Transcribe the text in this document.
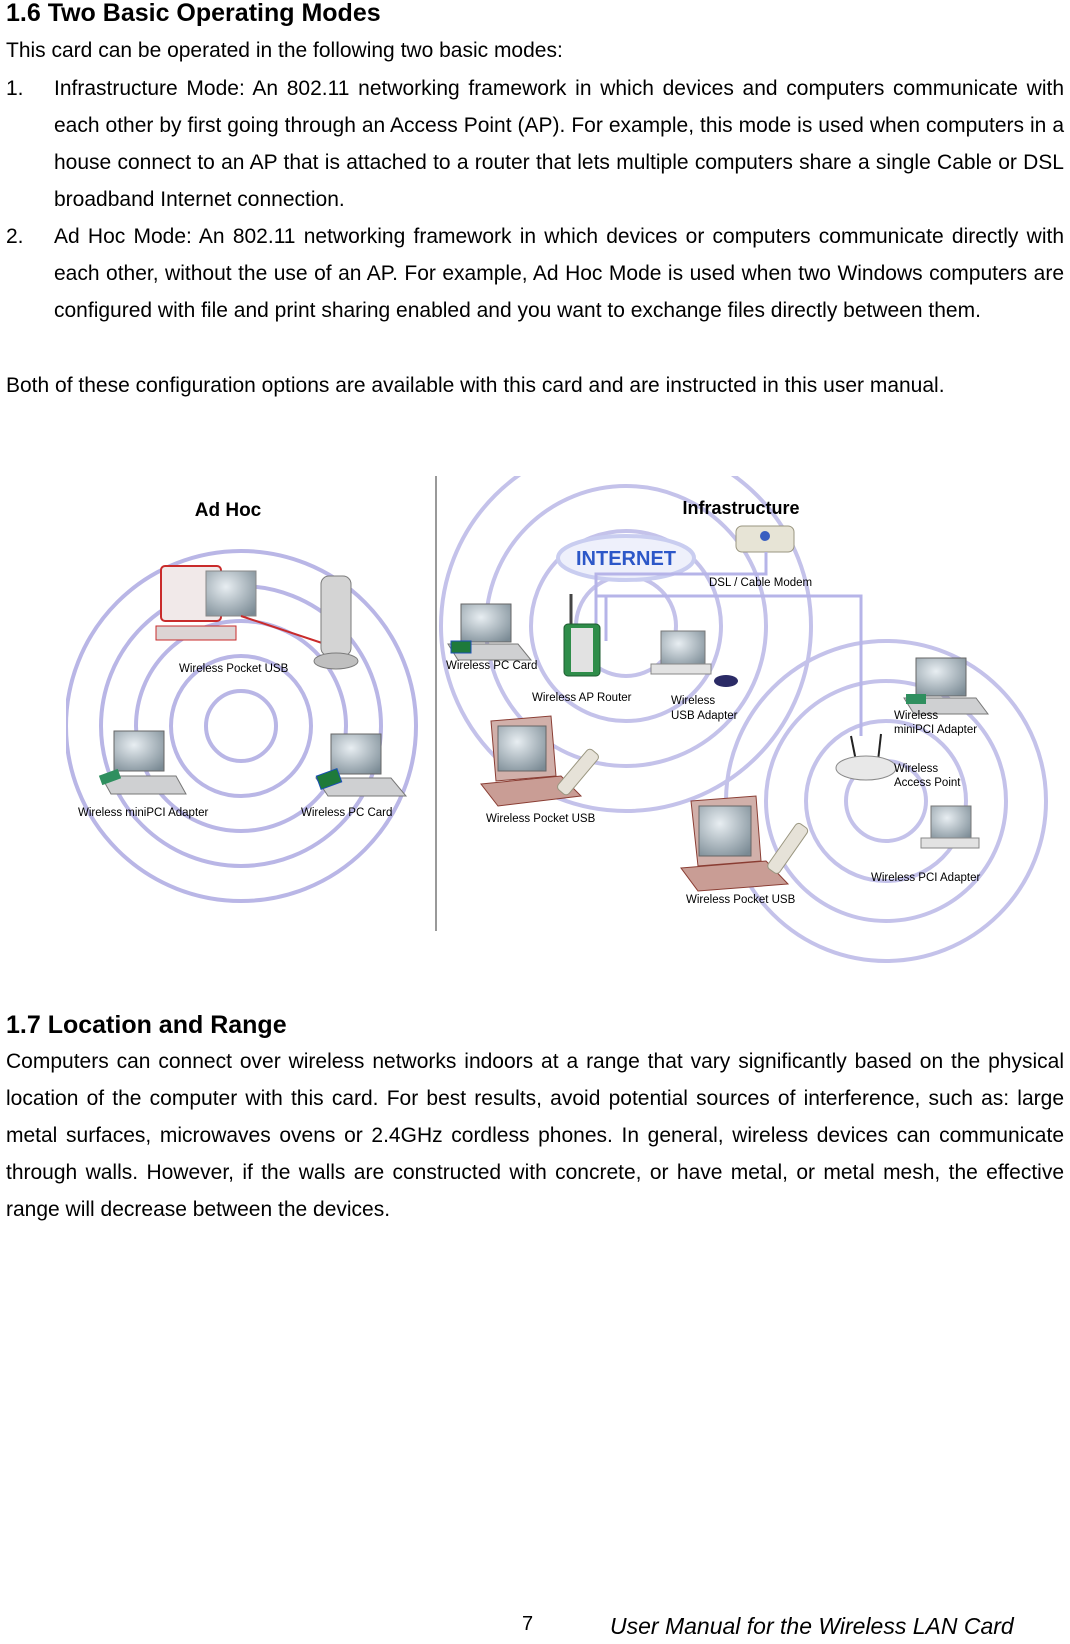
1.6 Two Basic Operating Modes

This card can be operated in the following two basic modes:

1.	Infrastructure Mode: An 802.11 networking framework in which devices and computers communicate with each other by first going through an Access Point (AP). For example, this mode is used when computers in a house connect to an AP that is attached to a router that lets multiple computers share a single Cable or DSL broadband Internet connection.
2.	Ad Hoc Mode: An 802.11 networking framework in which devices or computers communicate directly with each other, without the use of an AP. For example, Ad Hoc Mode is used when two Windows computers are configured with file and print sharing enabled and you want to exchange files directly between them.

Both of these configuration options are available with this card and are instructed in this user manual.

Ad Hoc	Infrastructure
INTERNET
DSL / Cable Modem
Wireless Pocket USB
Wireless miniPCI Adapter	Wireless PC Card
Wireless PC Card
Wireless AP Router	Wireless
USB Adapter	Wireless
miniPCI Adapter
Wireless
Access Point
Wireless Pocket USB
Wireless PCI Adapter
Wireless Pocket USB
1.7 Location and Range

Computers can connect over wireless networks indoors at a range that vary significantly based on the physical location of the computer with this card. For best results, avoid potential sources of interference, such as: large metal surfaces, microwaves ovens or 2.4GHz cordless phones. In general, wireless devices can communicate through walls. However, if the walls are constructed with concrete, or have metal, or metal mesh, the effective range will decrease between the devices.

7	User Manual for the Wireless LAN Card
